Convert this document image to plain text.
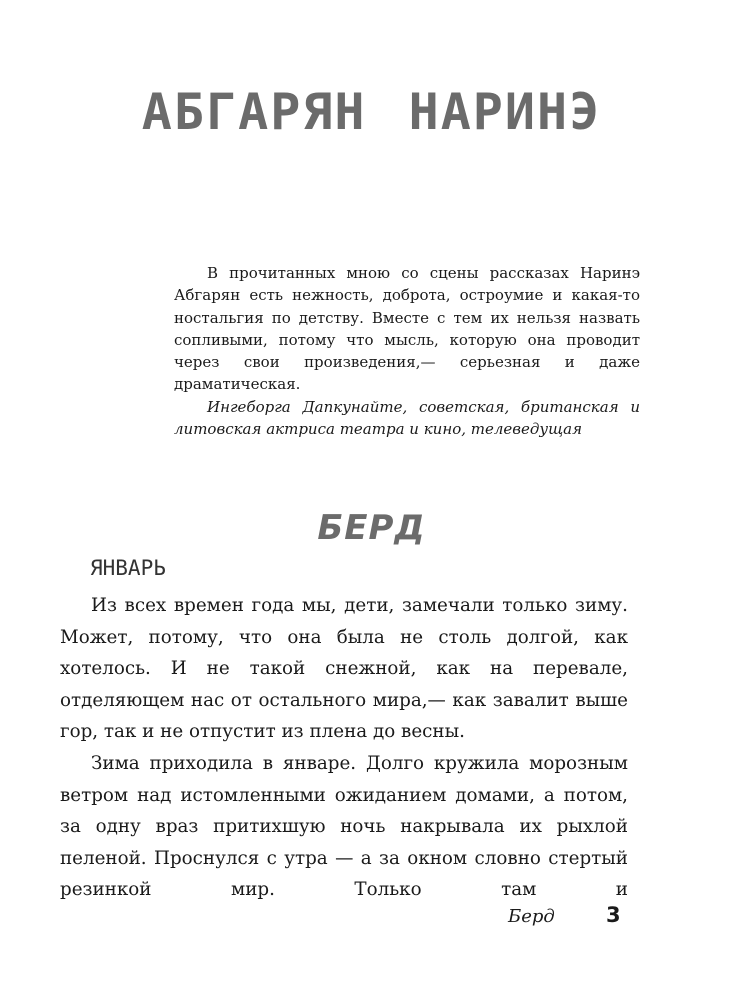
АБГАРЯН НАРИНЭ

В прочитанных мною со сцены рассказах Наринэ Абгарян есть нежность, доброта, остроумие и какая-то ностальгия по детству. Вместе с тем их нельзя назвать сопливыми, потому что мысль, которую она проводит через свои произведения,— серьезная и даже драматическая.

Ингеборга Дапкунайте, советская, британская и литовская актриса театра и кино, телеведущая

БЕРД
ЯНВАРЬ

Из всех времен года мы, дети, замечали только зиму. Может, потому, что она была не столь долгой, как хотелось. И не такой снежной, как на перевале, отделяющем нас от остального мира,— как завалит выше гор, так и не отпустит из плена до весны.

Зима приходила в январе. Долго кружила морозным ветром над истомленными ожиданием домами, а потом, за одну враз притихшую ночь накрывала их рыхлой пеленой. Проснулся с утра — а за окном словно стертый резинкой мир. Только там и

Берд 3
